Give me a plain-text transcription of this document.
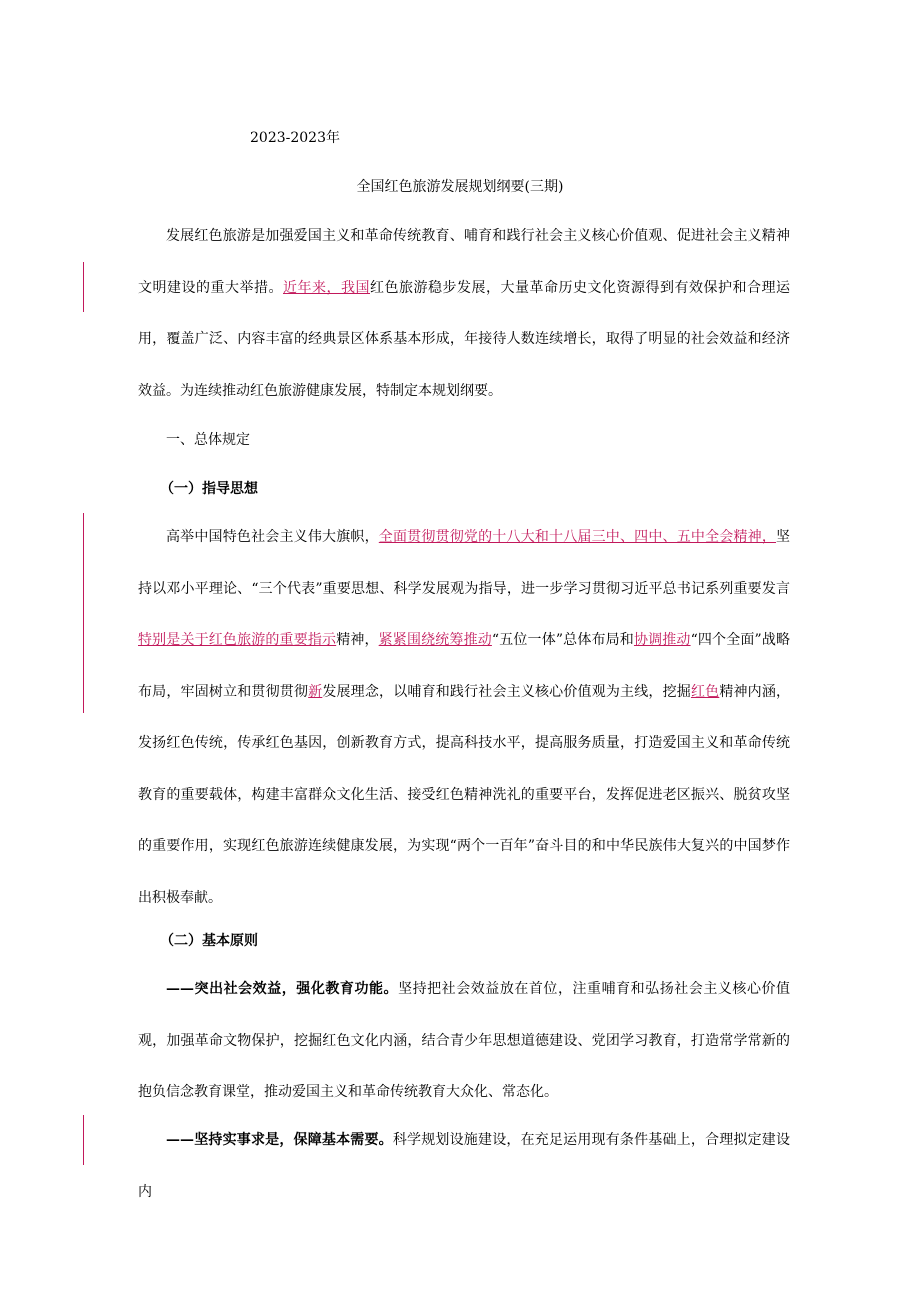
2023-2023年
全国红色旅游发展规划纲要(三期)

发展红色旅游是加强爱国主义和革命传统教育、哺育和践行社会主义核心价值观、促进社会主义精神文明建设的重大举措。近年来，我国红色旅游稳步发展，大量革命历史文化资源得到有效保护和合理运用，覆盖广泛、内容丰富的经典景区体系基本形成，年接待人数连续增长，取得了明显的社会效益和经济效益。为连续推动红色旅游健康发展，特制定本规划纲要。

一、总体规定
（一）指导思想

高举中国特色社会主义伟大旗帜，全面贯彻贯彻党的十八大和十八届三中、四中、五中全会精神，坚持以邓小平理论、“三个代表”重要思想、科学发展观为指导，进一步学习贯彻习近平总书记系列重要发言特别是关于红色旅游的重要指示精神，紧紧围绕统筹推动“五位一体”总体布局和协调推动“四个全面”战略布局，牢固树立和贯彻贯彻新发展理念，以哺育和践行社会主义核心价值观为主线，挖掘红色精神内涵，发扬红色传统，传承红色基因，创新教育方式，提高科技水平，提高服务质量，打造爱国主义和革命传统教育的重要载体，构建丰富群众文化生活、接受红色精神洗礼的重要平台，发挥促进老区振兴、脱贫攻坚的重要作用，实现红色旅游连续健康发展，为实现“两个一百年”奋斗目的和中华民族伟大复兴的中国梦作出积极奉献。

（二）基本原则

——突出社会效益，强化教育功能。坚持把社会效益放在首位，注重哺育和弘扬社会主义核心价值观，加强革命文物保护，挖掘红色文化内涵，结合青少年思想道德建设、党团学习教育，打造常学常新的抱负信念教育课堂，推动爱国主义和革命传统教育大众化、常态化。

——坚持实事求是，保障基本需要。科学规划设施建设，在充足运用现有条件基础上，合理拟定建设内
